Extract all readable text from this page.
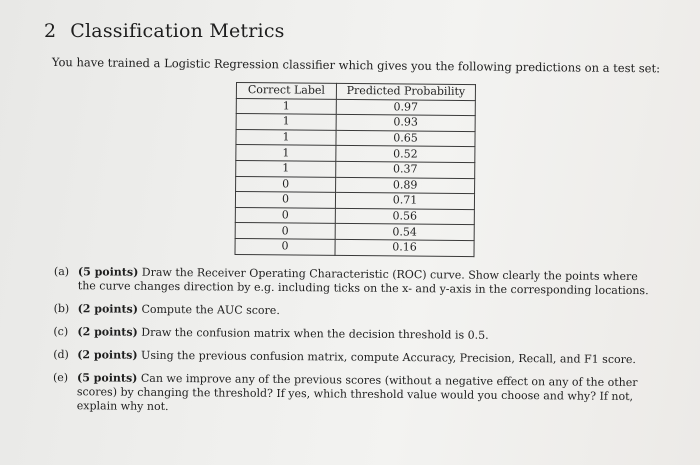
2 Classification Metrics
You have trained a Logistic Regression classifier which gives you the following predictions on a test set:
Correct Label	Predicted Probability
1	0.97
1	0.93
1	0.65
1	0.52
1	0.37
0	0.89
0	0.71
0	0.56
0	0.54
0	0.16
(a) (5 points) Draw the Receiver Operating Characteristic (ROC) curve. Show clearly the points where the curve changes direction by e.g. including ticks on the x- and y-axis in the corresponding locations.
(b) (2 points) Compute the AUC score.
(c) (2 points) Draw the confusion matrix when the decision threshold is 0.5.
(d) (2 points) Using the previous confusion matrix, compute Accuracy, Precision, Recall, and F1 score.
(e) (5 points) Can we improve any of the previous scores (without a negative effect on any of the other scores) by changing the threshold? If yes, which threshold value would you choose and why? If not, explain why not.
